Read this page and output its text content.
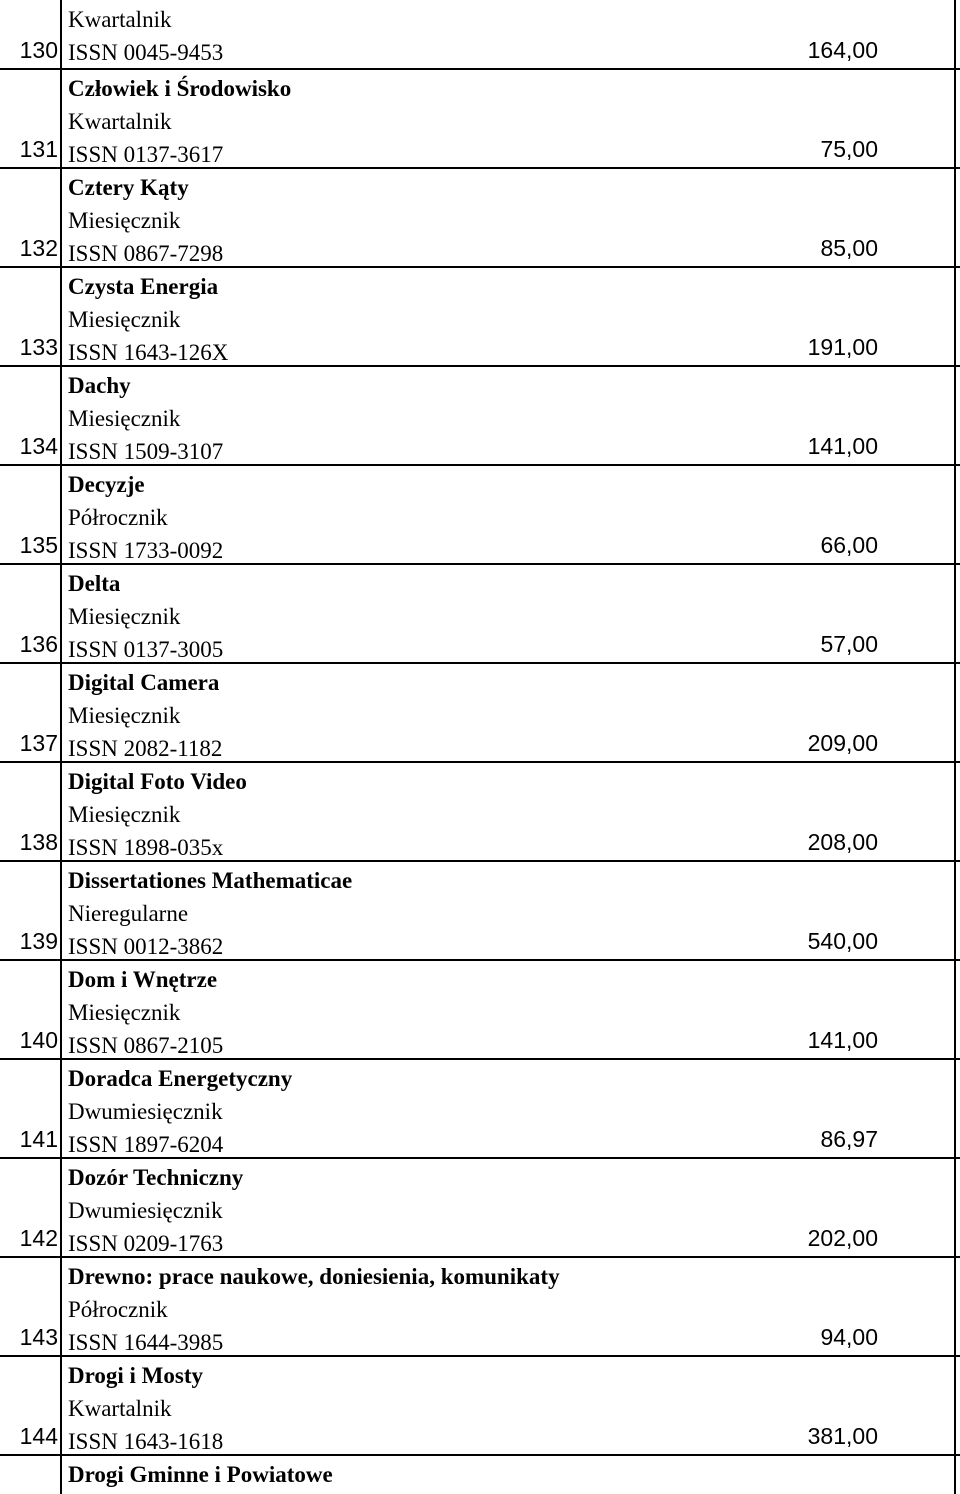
130
Kwartalnik
ISSN 0045-9453	164,00
131
Człowiek i Środowisko
Kwartalnik
ISSN 0137-3617	75,00
132
Cztery Kąty
Miesięcznik
ISSN 0867-7298	85,00
133
Czysta Energia
Miesięcznik
ISSN 1643-126X	191,00
134
Dachy
Miesięcznik
ISSN 1509-3107	141,00
135
Decyzje
Półrocznik
ISSN 1733-0092	66,00
136
Delta
Miesięcznik
ISSN 0137-3005	57,00
137
Digital Camera
Miesięcznik
ISSN 2082-1182	209,00
138
Digital Foto Video
Miesięcznik
ISSN 1898-035x	208,00
139
Dissertationes Mathematicae
Nieregularne
ISSN 0012-3862	540,00
140
Dom i Wnętrze
Miesięcznik
ISSN 0867-2105	141,00
141
Doradca Energetyczny
Dwumiesięcznik
ISSN 1897-6204	86,97
142
Dozór Techniczny
Dwumiesięcznik
ISSN 0209-1763	202,00
143
Drewno: prace naukowe, doniesienia, komunikaty
Półrocznik
ISSN 1644-3985	94,00
144
Drogi i Mosty
Kwartalnik
ISSN 1643-1618	381,00
Drogi Gminne i Powiatowe
